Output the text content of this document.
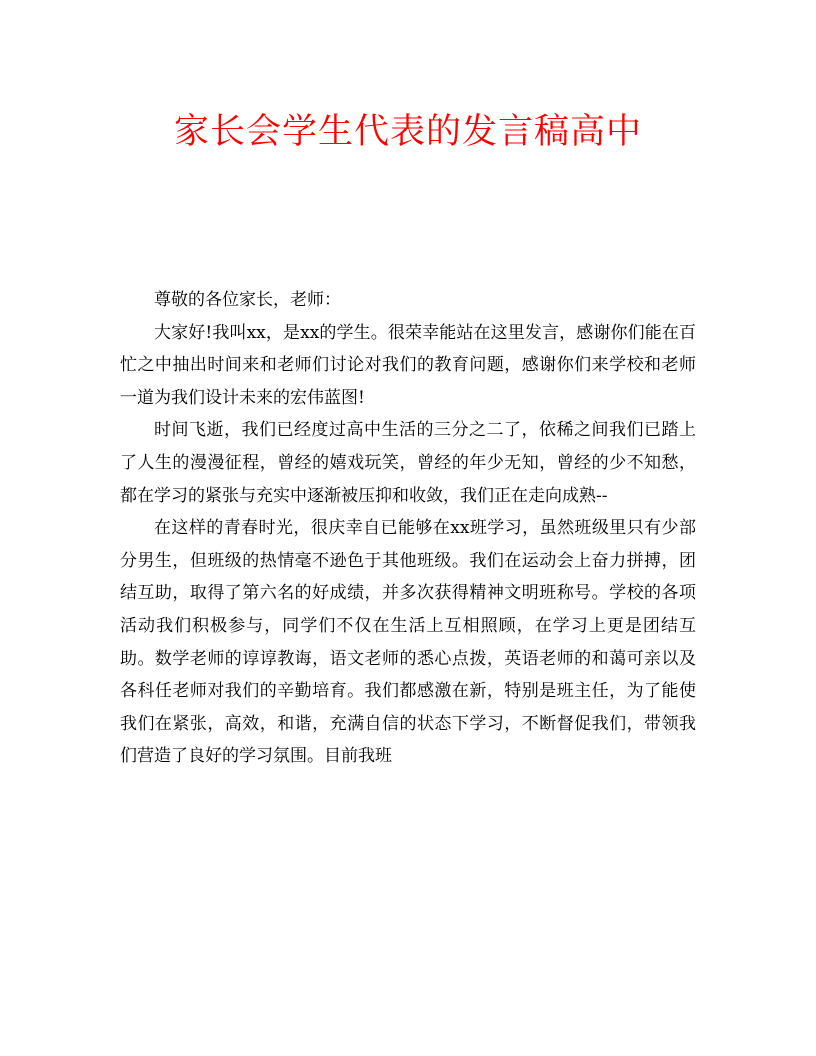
家长会学生代表的发言稿高中

尊敬的各位家长，老师：

大家好!我叫xx，是xx的学生。很荣幸能站在这里发言，感谢你们能在百忙之中抽出时间来和老师们讨论对我们的教育问题，感谢你们来学校和老师一道为我们设计未来的宏伟蓝图!

时间飞逝，我们已经度过高中生活的三分之二了，依稀之间我们已踏上了人生的漫漫征程，曾经的嬉戏玩笑，曾经的年少无知，曾经的少不知愁，都在学习的紧张与充实中逐渐被压抑和收敛，我们正在走向成熟--

在这样的青春时光，很庆幸自已能够在xx班学习，虽然班级里只有少部分男生，但班级的热情毫不逊色于其他班级。我们在运动会上奋力拼搏，团结互助，取得了第六名的好成绩，并多次获得精神文明班称号。学校的各项活动我们积极参与，同学们不仅在生活上互相照顾，在学习上更是团结互助。数学老师的谆谆教诲，语文老师的悉心点拨，英语老师的和蔼可亲以及各科任老师对我们的辛勤培育。我们都感激在新，特别是班主任，为了能使我们在紧张，高效，和谐，充满自信的状态下学习，不断督促我们，带领我们营造了良好的学习氛围。目前我班
